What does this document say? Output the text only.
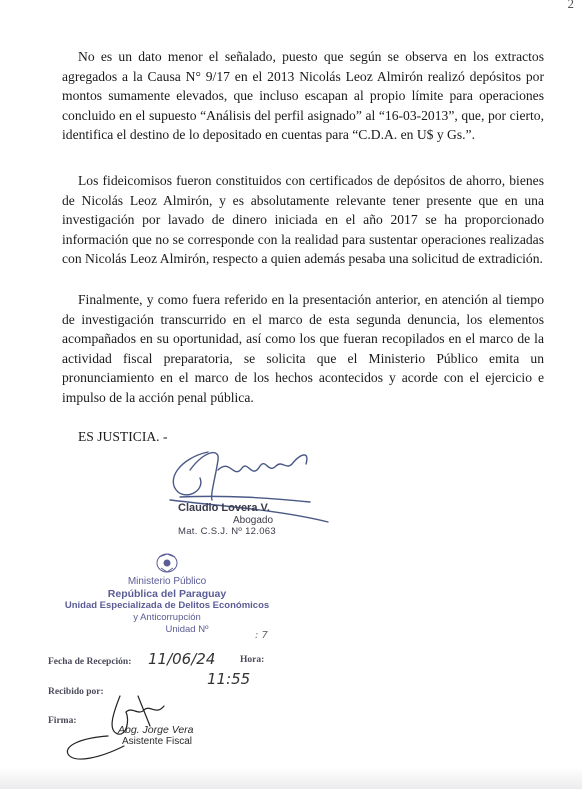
2

No es un dato menor el señalado, puesto que según se observa en los extractos agregados a la Causa N° 9/17 en el 2013 Nicolás Leoz Almirón realizó depósitos por montos sumamente elevados, que incluso escapan al propio límite para operaciones concluido en el supuesto “Análisis del perfil asignado” al “16-03-2013”, que, por cierto, identifica el destino de lo depositado en cuentas para “C.D.A. en U$ y Gs.”.

Los fideicomisos fueron constituidos con certificados de depósitos de ahorro, bienes de Nicolás Leoz Almirón, y es absolutamente relevante tener presente que en una investigación por lavado de dinero iniciada en el año 2017 se ha proporcionado información que no se corresponde con la realidad para sustentar operaciones realizadas con Nicolás Leoz Almirón, respecto a quien además pesaba una solicitud de extradición.

Finalmente, y como fuera referido en la presentación anterior, en atención al tiempo de investigación transcurrido en el marco de esta segunda denuncia, los elementos acompañados en su oportunidad, así como los que fueran recopilados en el marco de la actividad fiscal preparatoria, se solicita que el Ministerio Público emita un pronunciamiento en el marco de los hechos acontecidos y acorde con el ejercicio e impulso de la acción penal pública.

ES JUSTICIA. -
Claudio Lovera V.
Abogado
Mat. C.S.J. Nº 12.063
Ministerio Público
República del Paraguay
Unidad Especializada de Delitos Económicos
y Anticorrupción
Unidad Nº
: 7
Fecha de Recepción: 11/06/24	Hora:
11:55
Recibido por:
Firma:
Abg. Jorge Vera
Asistente Fiscal
